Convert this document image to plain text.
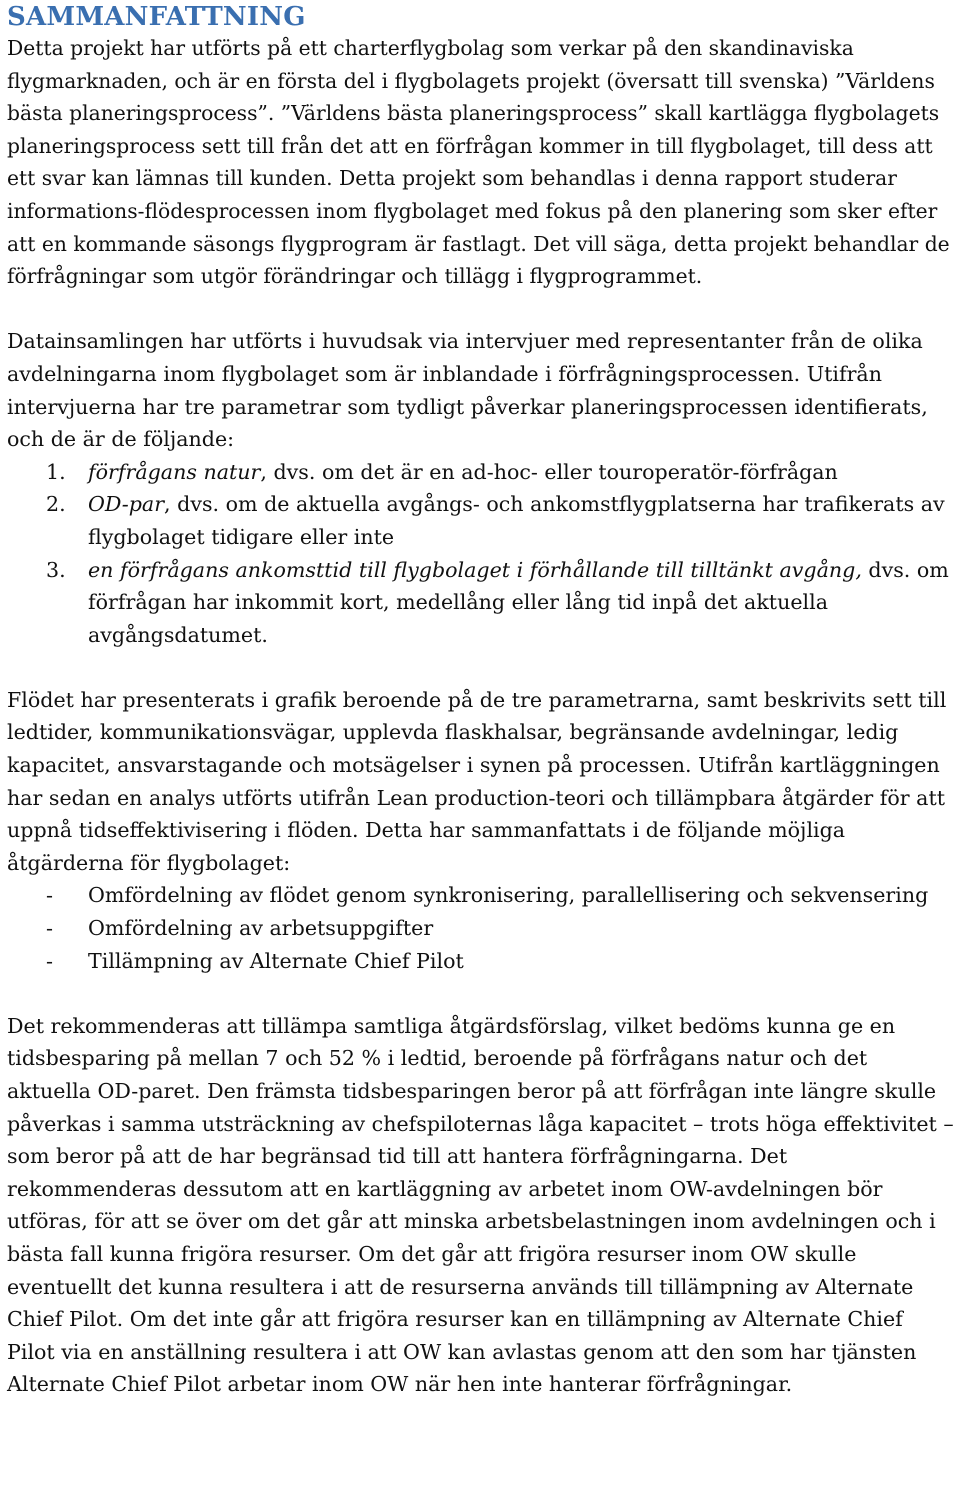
SAMMANFATTNING

Detta projekt har utförts på ett charterflygbolag som verkar på den skandinaviska flygmarknaden, och är en första del i flygbolagets projekt (översatt till svenska) ”Världens bästa planeringsprocess”. ”Världens bästa planeringsprocess” skall kartlägga flygbolagets planeringsprocess sett till från det att en förfrågan kommer in till flygbolaget, till dess att ett svar kan lämnas till kunden. Detta projekt som behandlas i denna rapport studerar informations-flödesprocessen inom flygbolaget med fokus på den planering som sker efter att en kommande säsongs flygprogram är fastlagt. Det vill säga, detta projekt behandlar de förfrågningar som utgör förändringar och tillägg i flygprogrammet.

Datainsamlingen har utförts i huvudsak via intervjuer med representanter från de olika avdelningarna inom flygbolaget som är inblandade i förfrågningsprocessen. Utifrån intervjuerna har tre parametrar som tydligt påverkar planeringsprocessen identifierats, och de är de följande:

1. förfrågans natur, dvs. om det är en ad-hoc- eller touroperatör-förfrågan
2. OD-par, dvs. om de aktuella avgångs- och ankomstflygplatserna har trafikerats av flygbolaget tidigare eller inte
3. en förfrågans ankomsttid till flygbolaget i förhållande till tilltänkt avgång, dvs. om förfrågan har inkommit kort, medellång eller lång tid inpå det aktuella avgångsdatumet.

Flödet har presenterats i grafik beroende på de tre parametrarna, samt beskrivits sett till ledtider, kommunikationsvägar, upplevda flaskhalsar, begränsande avdelningar, ledig kapacitet, ansvarstagande och motsägelser i synen på processen. Utifrån kartläggningen har sedan en analys utförts utifrån Lean production-teori och tillämpbara åtgärder för att uppnå tidseffektivisering i flöden. Detta har sammanfattats i de följande möjliga åtgärderna för flygbolaget:

- Omfördelning av flödet genom synkronisering, parallellisering och sekvensering
- Omfördelning av arbetsuppgifter
- Tillämpning av Alternate Chief Pilot

Det rekommenderas att tillämpa samtliga åtgärdsförslag, vilket bedöms kunna ge en tidsbesparing på mellan 7 och 52 % i ledtid, beroende på förfrågans natur och det aktuella OD-paret. Den främsta tidsbesparingen beror på att förfrågan inte längre skulle påverkas i samma utsträckning av chefspiloternas låga kapacitet – trots höga effektivitet – som beror på att de har begränsad tid till att hantera förfrågningarna. Det rekommenderas dessutom att en kartläggning av arbetet inom OW-avdelningen bör utföras, för att se över om det går att minska arbetsbelastningen inom avdelningen och i bästa fall kunna frigöra resurser. Om det går att frigöra resurser inom OW skulle eventuellt det kunna resultera i att de resurserna används till tillämpning av Alternate Chief Pilot. Om det inte går att frigöra resurser kan en tillämpning av Alternate Chief Pilot via en anställning resultera i att OW kan avlastas genom att den som har tjänsten Alternate Chief Pilot arbetar inom OW när hen inte hanterar förfrågningar.
